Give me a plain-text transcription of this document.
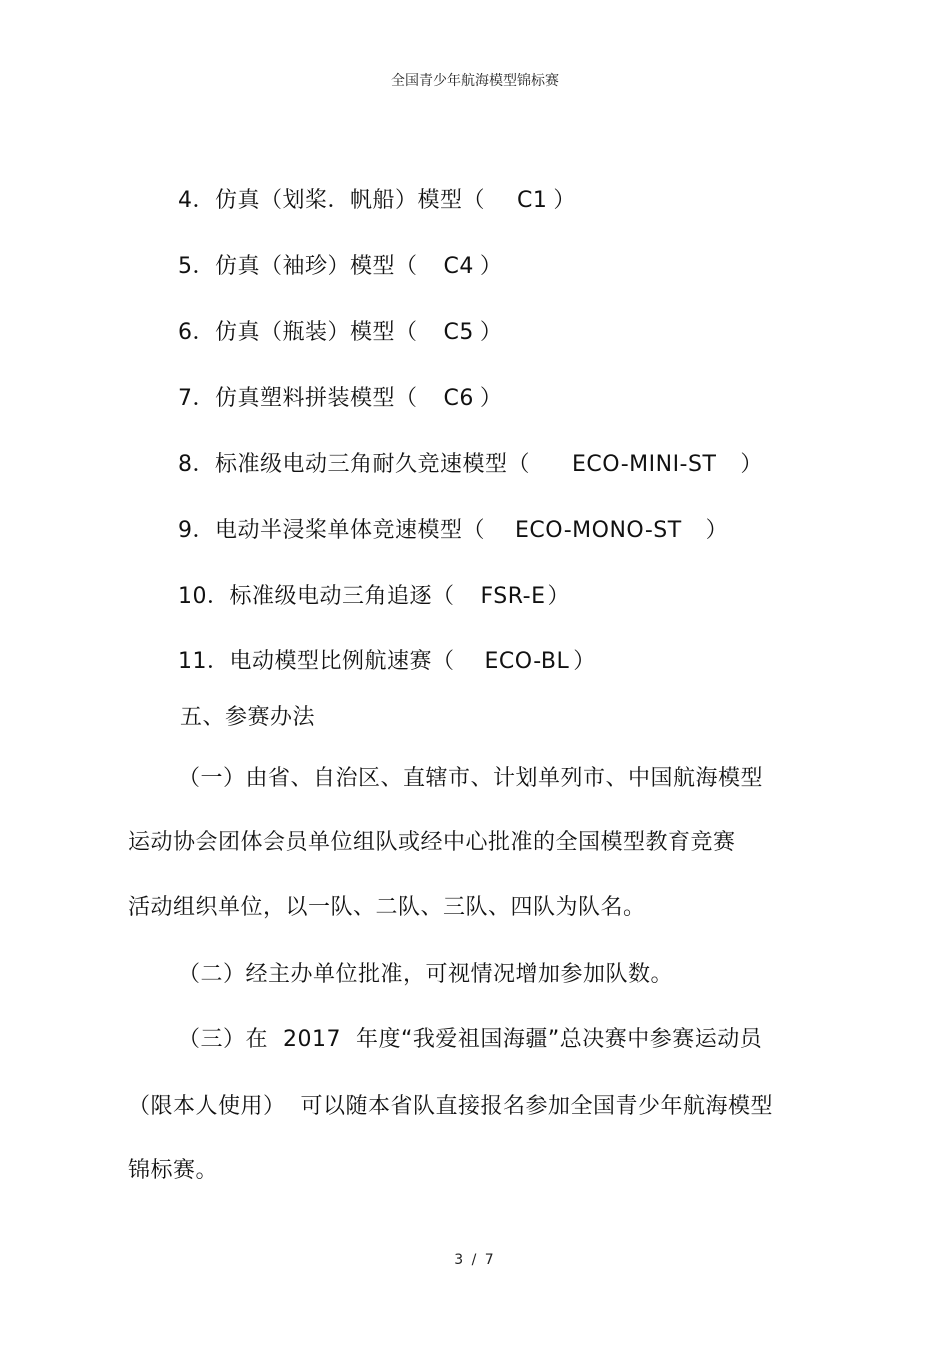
全国青少年航海模型锦标赛
4．仿真（划桨．帆船）模型（ C1 ）
5．仿真（袖珍）模型（ C4 ）
6．仿真（瓶装）模型（ C5 ）
7．仿真塑料拼装模型（ C6 ）
8．标准级电动三角耐久竞速模型（ ECO-MINI-ST ）
9．电动半浸桨单体竞速模型（ ECO-MONO-ST ）
10．标准级电动三角追逐（ FSR-E）
11．电动模型比例航速赛（ ECO-BL ）
五、参赛办法
（一）由省、自治区、直辖市、计划单列市、中国航海模型
运动协会团体会员单位组队或经中心批准的全国模型教育竞赛
活动组织单位，以一队、二队、三队、四队为队名。
（二）经主办单位批准，可视情况增加参加队数。
（三）在  2017  年度“我爱祖国海疆”总决赛中参赛运动员
（限本人使用）  可以随本省队直接报名参加全国青少年航海模型
锦标赛。
3 / 7
